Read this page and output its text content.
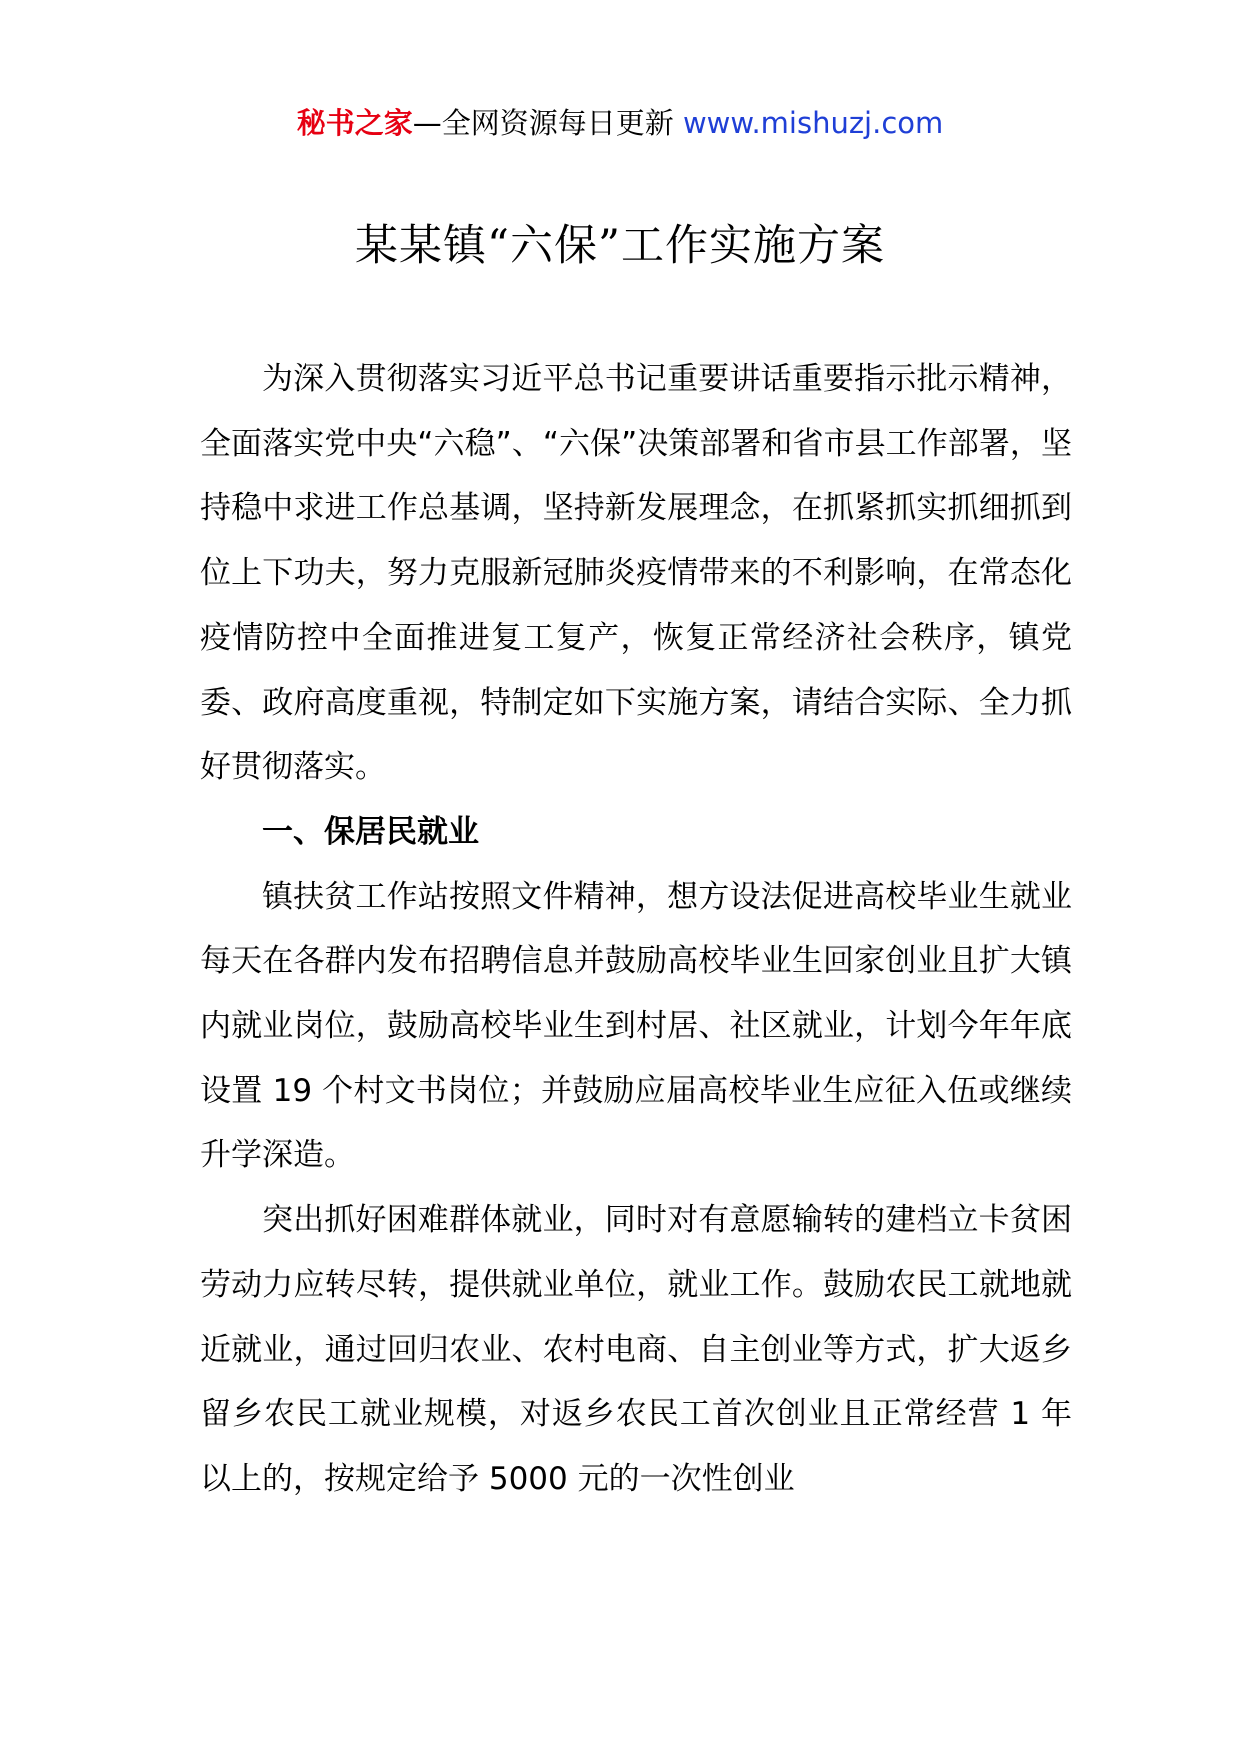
秘书之家—全网资源每日更新 www.mishuzj.com
某某镇“六保”工作实施方案

为深入贯彻落实习近平总书记重要讲话重要指示批示精神，全面落实党中央“六稳”、“六保”决策部署和省市县工作部署，坚持稳中求进工作总基调，坚持新发展理念，在抓紧抓实抓细抓到位上下功夫，努力克服新冠肺炎疫情带来的不利影响，在常态化疫情防控中全面推进复工复产，恢复正常经济社会秩序，镇党委、政府高度重视，特制定如下实施方案，请结合实际、全力抓好贯彻落实。

一、保居民就业

镇扶贫工作站按照文件精神，想方设法促进高校毕业生就业每天在各群内发布招聘信息并鼓励高校毕业生回家创业且扩大镇内就业岗位，鼓励高校毕业生到村居、社区就业，计划今年年底设置 19 个村文书岗位；并鼓励应届高校毕业生应征入伍或继续升学深造。

突出抓好困难群体就业，同时对有意愿输转的建档立卡贫困劳动力应转尽转，提供就业单位，就业工作。鼓励农民工就地就近就业，通过回归农业、农村电商、自主创业等方式，扩大返乡留乡农民工就业规模，对返乡农民工首次创业且正常经营 1 年以上的，按规定给予 5000 元的一次性创业
